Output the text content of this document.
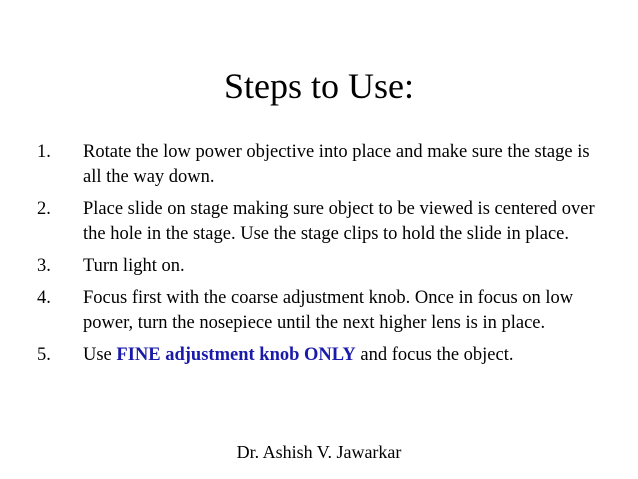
Steps to Use:
1. Rotate the low power objective into place and make sure the stage is all the way down.
2. Place slide on stage making sure object to be viewed is centered over the hole in the stage. Use the stage clips to hold the slide in place.
3. Turn light on.
4. Focus first with the coarse adjustment knob. Once in focus on low power, turn the nosepiece until the next higher lens is in place.
5. Use FINE adjustment knob ONLY and focus the object.
Dr. Ashish V. Jawarkar
